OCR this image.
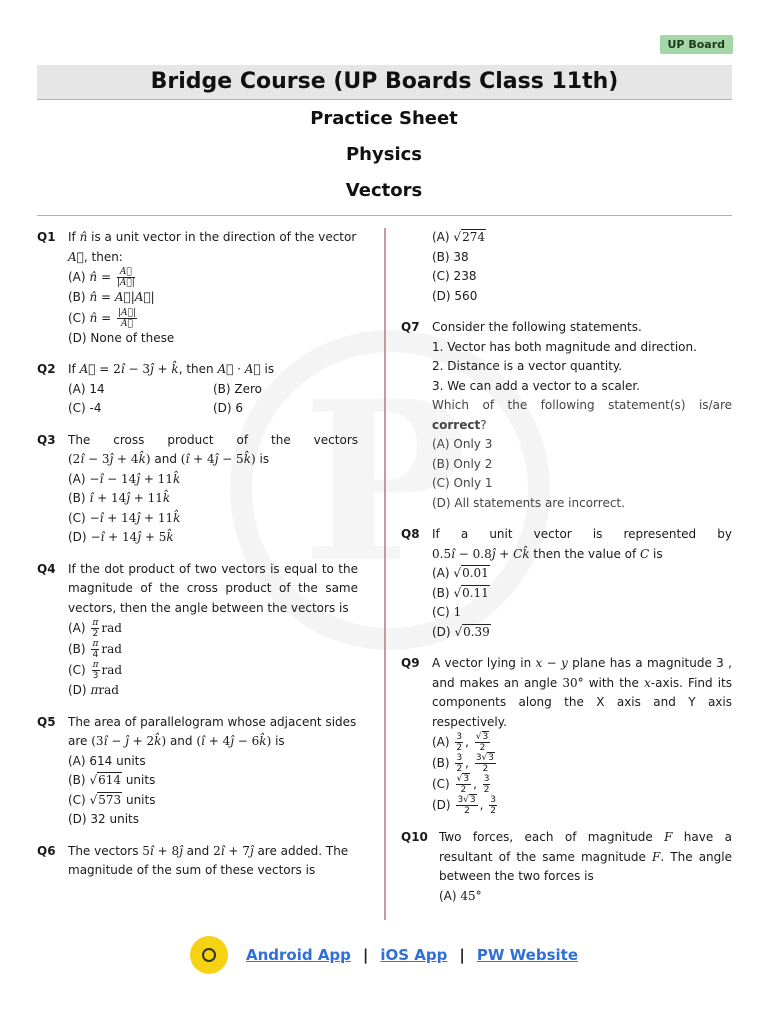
UP Board
Bridge Course (UP Boards Class 11th)
Practice Sheet
Physics
Vectors
Q1	If n̂ is a unit vector in the direction of the vector
A⃗, then:
(A) n̂ = $\frac{A⃗}{|A⃗|}$
(B) n̂ = A⃗|A⃗|
(C) n̂ = $\frac{|A⃗|}{A⃗}$
(D) None of these
Q2	If A⃗ = 2î − 3ĵ + k̂, then A⃗ · A⃗ is
(A) 14	(B) Zero
(C) -4	(D) 6
Q3	The cross product of the vectors
(2î − 3ĵ + 4k̂) and (î + 4ĵ − 5k̂) is
(A) −î − 14ĵ + 11k̂
(B) î + 14ĵ + 11k̂
(C) −î + 14ĵ + 11k̂
(D) −î + 14ĵ + 5k̂
Q4	If the dot product of two vectors is equal to the magnitude of the cross product of the same vectors, then the angle between the vectors is
$(A) \frac{\pi}{2}$ rad
$(B) \frac{\pi}{4}$ rad
$(C) \frac{\pi}{3}$ rad
(D) πrad
Q5	The area of parallelogram whose adjacent sides are (3î − ĵ + 2k̂) and (î + 4ĵ − 6k̂) is
(A) 614 units
(B) √614 units
(C) √573 units
(D) 32 units
Q6	The vectors 5î + 8ĵ and 2î + 7ĵ are added. The magnitude of the sum of these vectors is
(A) √274
(B) 38
(C) 238
(D) 560
Q7	Consider the following statements.
1. Vector has both magnitude and direction.
2. Distance is a vector quantity.
3. We can add a vector to a scaler.
Which of the following statement(s) is/are
correct?
(A) Only 3
(B) Only 2
(C) Only 1
(D) All statements are incorrect.
Q8	If a unit vector is represented by
0.5î − 0.8ĵ + Ck̂ then the value of C is
(A) √0.01
(B) √0.11
(C) 1
(D) √0.39
Q9	A vector lying in x − y plane has a magnitude 3 , and makes an angle 30° with the x-axis. Find its components along the X axis and Y axis respectively.
$(A) \frac{3}{2}$ , $\frac{√3}{2}$
$(B) \frac{3}{2}$ , $\frac{3√3}{2}$
$(C) \frac{√3}{2}$ , $\frac{3}{2}$
$(D) \frac{3√3}{2}$ , $\frac{3}{2}$
Q10 Two forces, each of magnitude F have a resultant of the same magnitude F. The angle between the two forces is
(A) 45°
Android App | iOS App | PW Website
